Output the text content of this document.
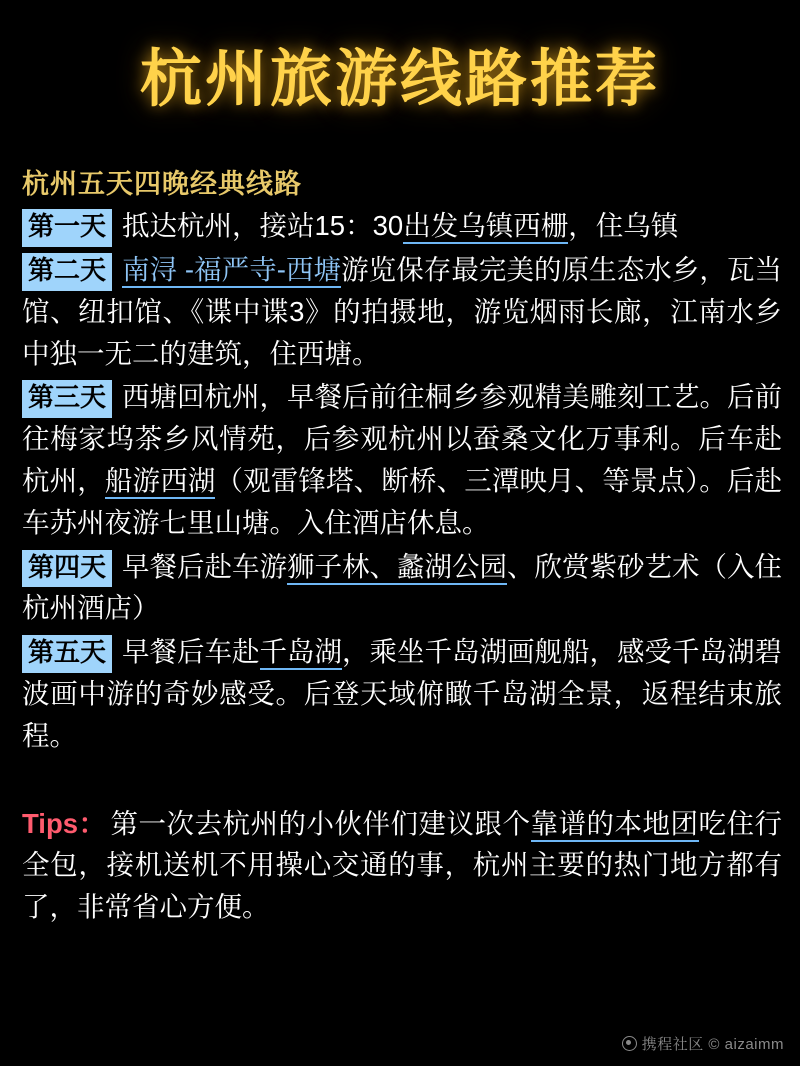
杭州旅游线路推荐
杭州五天四晚经典线路
第一天 抵达杭州，接站15：30出发乌镇西栅，住乌镇
第二天 南浔 -福严寺-西塘游览保存最完美的原生态水乡，瓦当馆、纽扣馆、《谍中谍3》的拍摄地，游览烟雨长廊，江南水乡中独一无二的建筑，住西塘。
第三天 西塘回杭州，早餐后前往桐乡参观精美雕刻工艺。后前往梅家坞茶乡风情苑，后参观杭州以蚕桑文化万事利。后车赴杭州，船游西湖（观雷锋塔、断桥、三潭映月、等景点）。后赴车苏州夜游七里山塘。入住酒店休息。
第四天 早餐后赴车游狮子林、蠡湖公园、欣赏紫砂艺术（入住杭州酒店）
第五天 早餐后车赴千岛湖，乘坐千岛湖画舰船，感受千岛湖碧波画中游的奇妙感受。后登天域俯瞰千岛湖全景，返程结束旅程。
Tips： 第一次去杭州的小伙伴们建议跟个靠谱的本地团吃住行全包，接机送机不用操心交通的事，杭州主要的热门地方都有了，非常省心方便。
携程社区 © aizaimm
